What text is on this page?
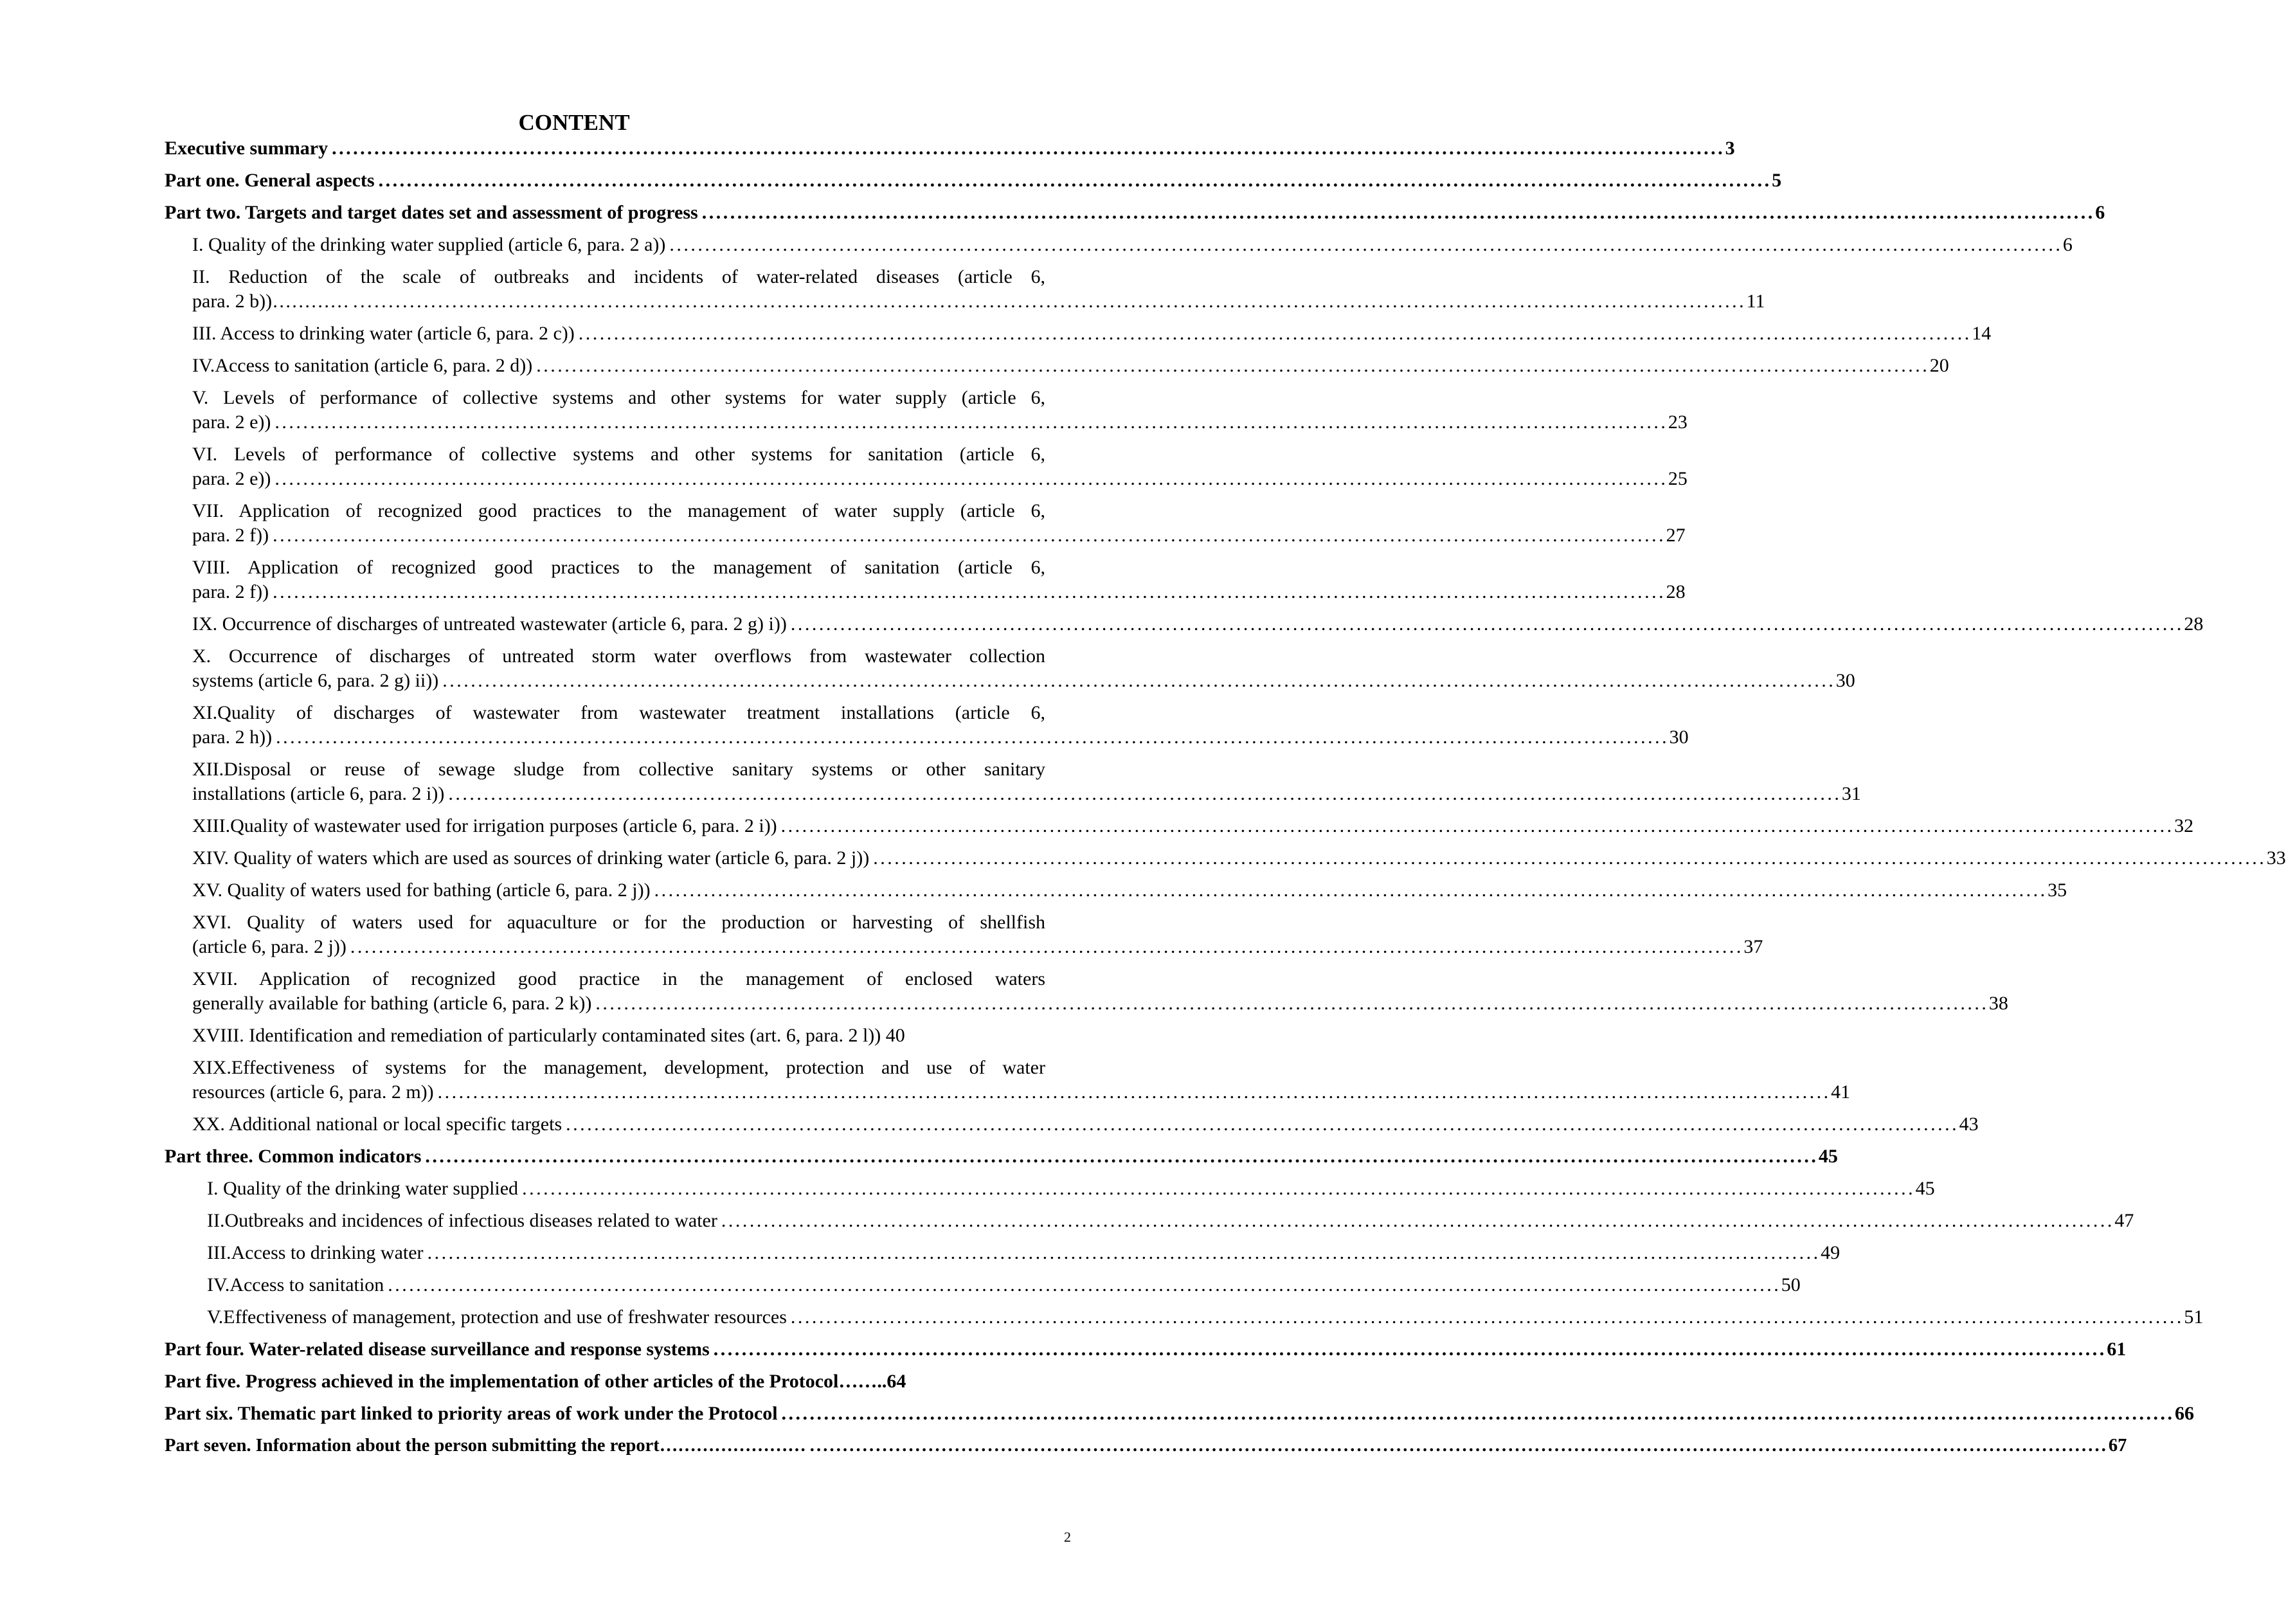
CONTENT
Executive summary . . .	3
Part one. General aspects . . .	5
Part two. Targets and target dates set and assessment of progress . . .	6
I. Quality of the drinking water supplied (article 6, para. 2 a)) . . .	6
II. Reduction of the scale of outbreaks and incidents of water-related diseases (article 6,
para. 2 b))………… . . .	11
III. Access to drinking water (article 6, para. 2 c)) . . .	14
IV.Access to sanitation (article 6, para. 2 d)) . . .	20
V. Levels of performance of collective systems and other systems for water supply (article 6,
para. 2 e)) . . .	23
VI. Levels of performance of collective systems and other systems for sanitation (article 6,
para. 2 e)) . . .	25
VII. Application of recognized good practices to the management of water supply (article 6,
para. 2 f)) . . .	27
VIII. Application of recognized good practices to the management of sanitation (article 6,
para. 2 f)) . . .	28
IX. Occurrence of discharges of untreated wastewater (article 6, para. 2 g) i)) . . .	28
X. Occurrence of discharges of untreated storm water overflows from wastewater collection
systems (article 6, para. 2 g) ii)) . . .	30
XI.Quality of discharges of wastewater from wastewater treatment installations (article 6,
para. 2 h)) . . .	30
XII.Disposal or reuse of sewage sludge from collective sanitary systems or other sanitary
installations (article 6, para. 2 i)) . . .	31
XIII.Quality of wastewater used for irrigation purposes (article 6, para. 2 i)) . . .	32
XIV. Quality of waters which are used as sources of drinking water (article 6, para. 2 j)) . . .	33
XV. Quality of waters used for bathing (article 6, para. 2 j)) . . .	35
XVI. Quality of waters used for aquaculture or for the production or harvesting of shellfish
(article 6, para. 2 j)) . . .	37
XVII. Application of recognized good practice in the management of enclosed waters
generally available for bathing (article 6, para. 2 k)) . . .	38
XVIII. Identification and remediation of particularly contaminated sites (art. 6, para. 2 l)) 40
XIX.Effectiveness of systems for the management, development, protection and use of water
resources (article 6, para. 2 m)) . . .	41
XX. Additional national or local specific targets . . .	43
Part three. Common indicators . . .	45
I. Quality of the drinking water supplied . . .	45
II.Outbreaks and incidences of infectious diseases related to water . . .	47
III.Access to drinking water . . .	49
IV.Access to sanitation . . .	50
V.Effectiveness of management, protection and use of freshwater resources . . .	51
Part four. Water-related disease surveillance and response systems . . .	61
Part five. Progress achieved in the implementation of other articles of the Protocol……..64
Part six. Thematic part linked to priority areas of work under the Protocol . . .	66
Part seven. Information about the person submitting the report…………………… . . .	67
2
